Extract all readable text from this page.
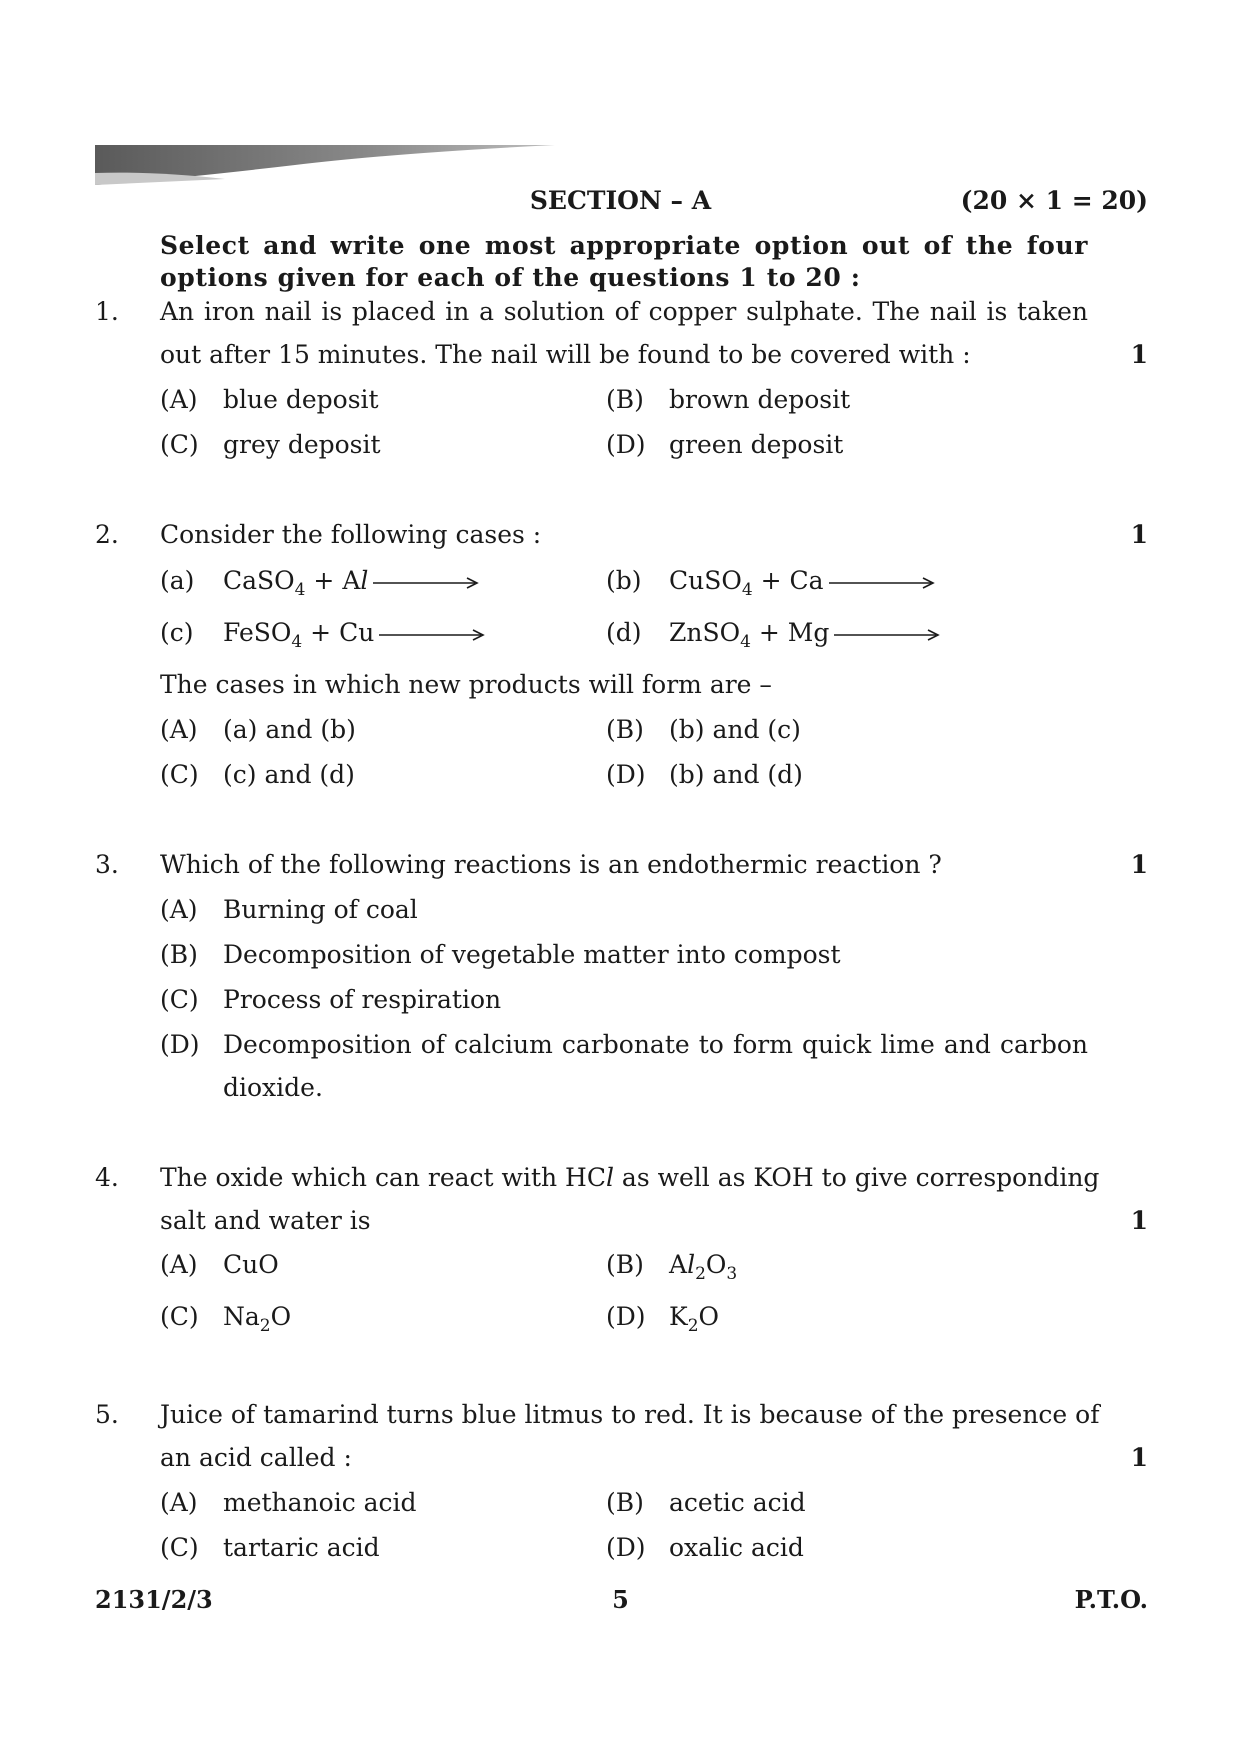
SECTION – A	(20 × 1 = 20)
Select and write one most appropriate option out of the four
options given for each of the questions 1 to 20 :
1. An iron nail is placed in a solution of copper sulphate. The nail is taken
out after 15 minutes. The nail will be found to be covered with :	1
(A) blue deposit	(B) brown deposit
(C) grey deposit	(D) green deposit
2. Consider the following cases :	1
(a) CaSO$_4$ + Al	(b) CuSO$_4$ + Ca
(c) FeSO$_4$ + Cu	(d) ZnSO$_4$ + Mg
The cases in which new products will form are –
(A) (a) and (b)	(B) (b) and (c)
(C) (c) and (d)	(D) (b) and (d)
3. Which of the following reactions is an endothermic reaction ?	1
(A) Burning of coal
(B) Decomposition of vegetable matter into compost
(C) Process of respiration
(D) Decomposition of calcium carbonate to form quick lime and carbon
dioxide.
4. The oxide which can react with HCl as well as KOH to give corresponding
salt and water is	1
(A) CuO	(B) $Al_2O_3$
(C) $Na_2O$	(D) $K_2O$
5. Juice of tamarind turns blue litmus to red. It is because of the presence of
an acid called :	1
(A) methanoic acid	(B) acetic acid
(C) tartaric acid	(D) oxalic acid
2131/2/3	5	P.T.O.
